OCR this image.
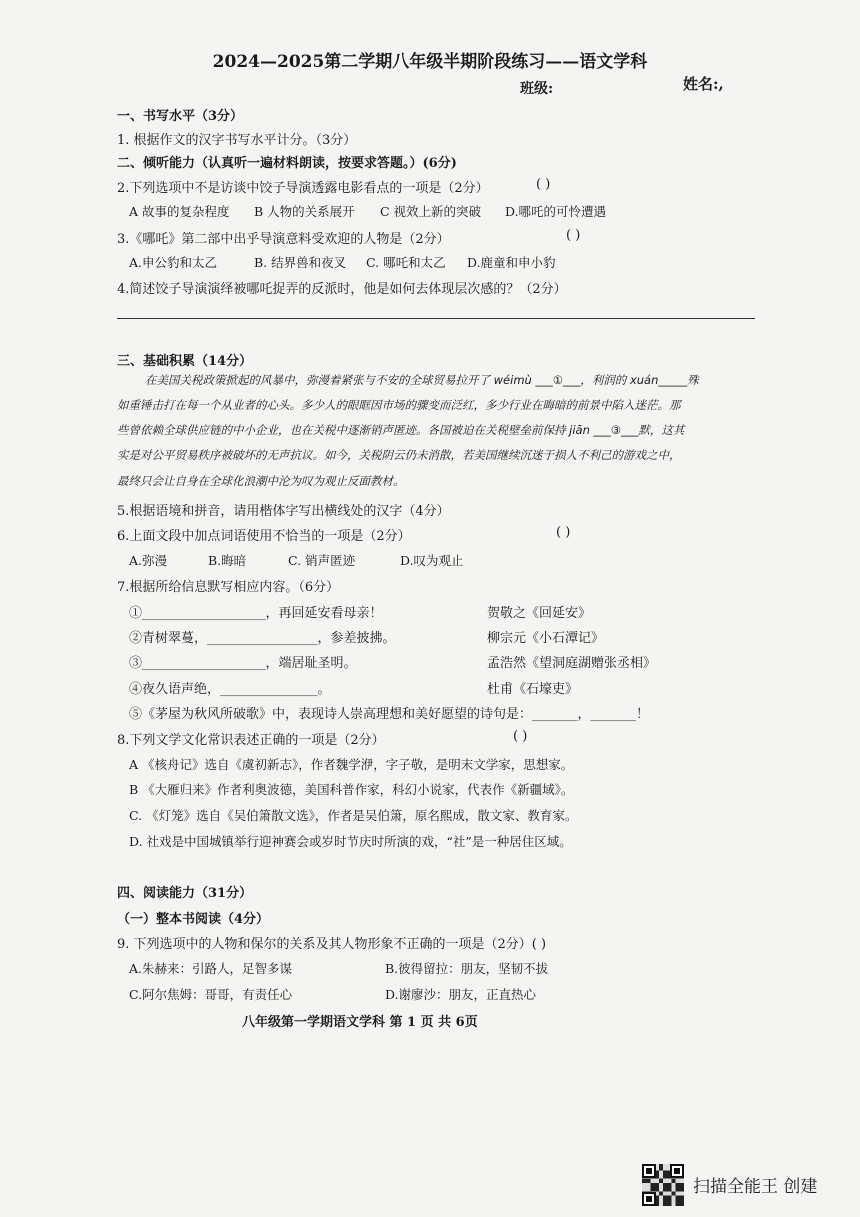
2024—2025第二学期八年级半期阶段练习——语文学科
班级:	姓名:,
一、书写水平（3分）
1. 根据作文的汉字书写水平计分。（3分）
二、倾听能力（认真听一遍材料朗读，按要求答题。）(6分)
2.下列选项中不是访谈中饺子导演透露电影看点的一项是（2分）	( )
A 故事的复杂程度 B 人物的关系展开 C 视效上新的突破 D.哪吒的可怜遭遇
3.《哪吒》第二部中出乎导演意料受欢迎的人物是（2分）	( )
A.申公豹和太乙	B. 结界兽和夜叉 C. 哪吒和太乙 D.鹿童和申小豹
4.简述饺子导演演绎被哪吒捉弄的反派时，他是如何去体现层次感的？（2分）
三、基础积累（14分）
在美国关税政策掀起的风暴中，弥漫着紧张与不安的全球贸易拉开了 wéimù ___①___，利润的 xuán_____殊
如重锤击打在每一个从业者的心头。多少人的眼眶因市场的骤变而泛红，多少行业在晦暗的前景中陷入迷茫。那
些曾依赖全球供应链的中小企业，也在关税中逐渐销声匿迹。各国被迫在关税壁垒前保持 jiān ___③___默，这其
实是对公平贸易秩序被破坏的无声抗议。如今，关税阴云仍未消散，若美国继续沉迷于损人不利己的游戏之中，
最终只会让自身在全球化浪潮中沦为叹为观止反面教材。
5.根据语境和拼音，请用楷体字写出横线处的汉字（4分）
6.上面文段中加点词语使用不恰当的一项是（2分）	( )
A.弥漫	B.晦暗	C. 销声匿迹	D.叹为观止
7.根据所给信息默写相应内容。（6分）
①___________________，再回延安看母亲！	贺敬之《回延安》
②青树翠蔓，_________________，参差披拂。	柳宗元《小石潭记》
③___________________，端居耻圣明。	孟浩然《望洞庭湖赠张丞相》
④夜久语声绝，_______________。	杜甫《石壕吏》
⑤《茅屋为秋风所破歌》中，表现诗人崇高理想和美好愿望的诗句是：_______，_______！
8.下列文学文化常识表述正确的一项是（2分）	( )
A 《核舟记》选自《虞初新志》，作者魏学洢，字子敬，是明末文学家，思想家。
B 《大雁归来》作者利奥波德，美国科普作家，科幻小说家，代表作《新疆域》。
C. 《灯笼》选自《吴伯箫散文选》，作者是吴伯箫，原名熙成，散文家、教育家。
D. 社戏是中国城镇举行迎神赛会或岁时节庆时所演的戏，“社”是一种居住区域。
四、阅读能力（31分）
（一）整本书阅读（4分）
9. 下列选项中的人物和保尔的关系及其人物形象不正确的一项是（2分）( )
A.朱赫来：引路人，足智多谋	B.彼得留拉：朋友，坚韧不拔
C.阿尔焦姆：哥哥，有责任心	D.谢廖沙：朋友，正直热心
八年级第一学期语文学科 第 1 页 共 6页
扫描全能王 创建
